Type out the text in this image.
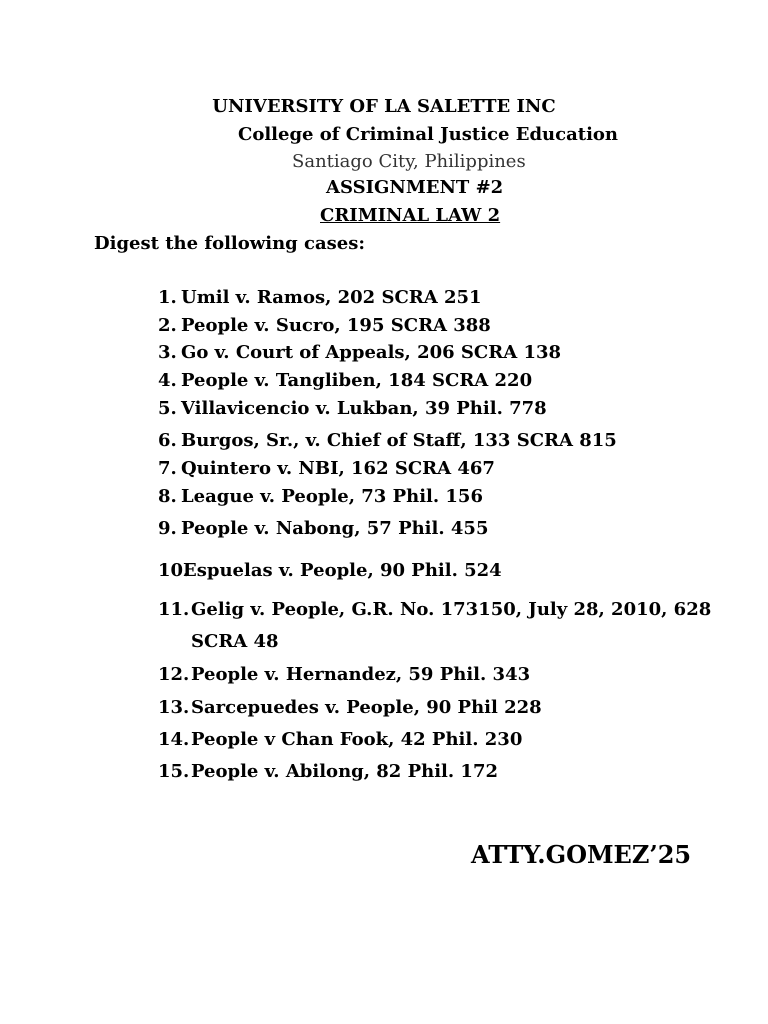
UNIVERSITY OF LA SALETTE INC
College of Criminal Justice Education
Santiago City, Philippines
ASSIGNMENT #2
CRIMINAL LAW 2
Digest the following cases:
1. Umil v. Ramos, 202 SCRA 251
2. People v. Sucro, 195 SCRA 388
3. Go v. Court of Appeals, 206 SCRA 138
4. People v. Tangliben, 184 SCRA 220
5. Villavicencio v. Lukban, 39 Phil. 778
6. Burgos, Sr., v. Chief of Staff, 133 SCRA 815
7. Quintero v. NBI, 162 SCRA 467
8. League v. People, 73 Phil. 156
9. People v. Nabong, 57 Phil. 455
10.
Espuelas v. People, 90 Phil. 524
11. Gelig v. People, G.R. No. 173150, July 28, 2010, 628
SCRA 48
12. People v. Hernandez, 59 Phil. 343
13. Sarcepuedes v. People, 90 Phil 228
14. People v Chan Fook, 42 Phil. 230
15. People v. Abilong, 82 Phil. 172
ATTY.GOMEZ’25
